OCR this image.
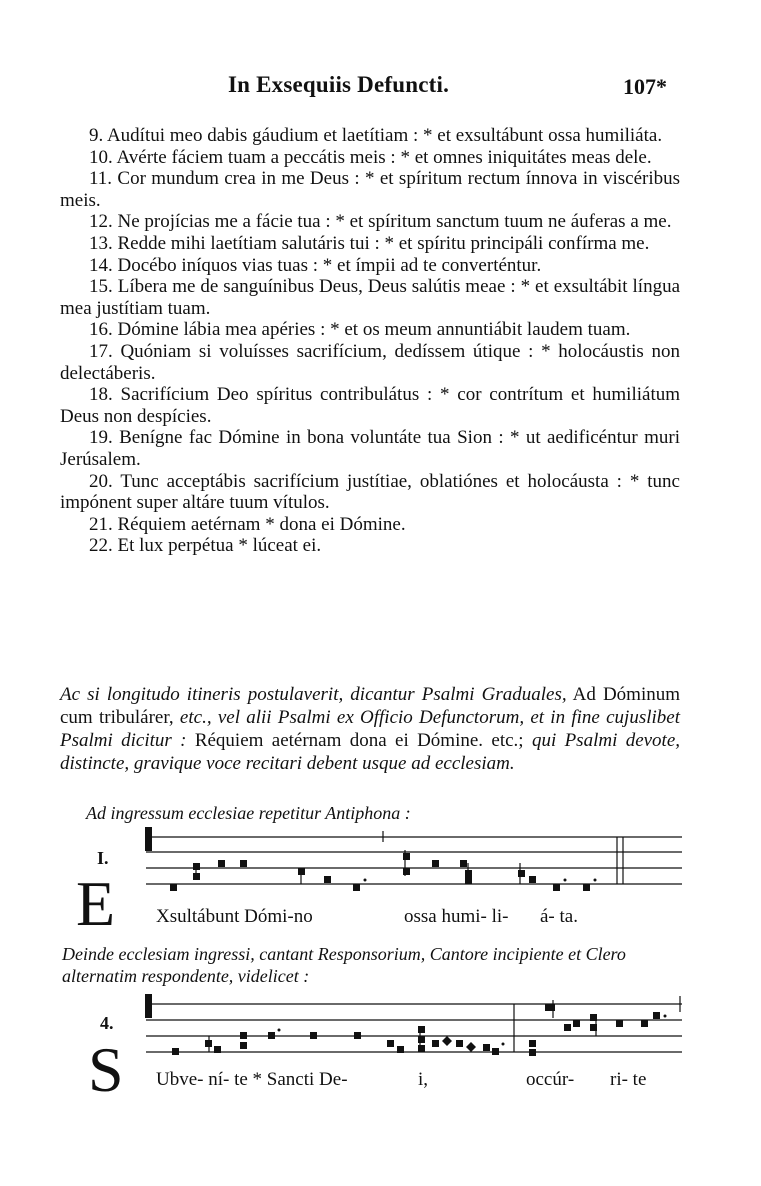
In Exsequiis Defuncti.	107*

9. Audítui meo dabis gáudium et laetítiam : * et exsultábunt ossa humiliáta.

10. Avérte fáciem tuam a peccátis meis : * et omnes iniquitátes meas dele.

11. Cor mundum crea in me Deus : * et spíritum rectum ínnova in viscéribus meis.

12. Ne projícias me a fácie tua : * et spíritum sanctum tuum ne áuferas a me.

13. Redde mihi laetítiam salutáris tui : * et spíritu principáli confírma me.

14. Docébo iníquos vias tuas : * et ímpii ad te converténtur.

15. Líbera me de sanguínibus Deus, Deus salútis meae : * et exsultábit língua mea justítiam tuam.

16. Dómine lábia mea apéries : * et os meum annuntiábit laudem tuam.

17. Quóniam si voluísses sacrifícium, dedíssem útique : * holocáustis non delectáberis.

18. Sacrifícium Deo spíritus contribulátus : * cor contrítum et humiliátum Deus non despícies.

19. Benígne fac Dómine in bona voluntáte tua Sion : * ut aedificéntur muri Jerúsalem.

20. Tunc acceptábis sacrifícium justítiae, oblatiónes et holocáusta : * tunc impónent super altáre tuum vítulos.

21. Réquiem aetérnam * dona ei Dómine.

22. Et lux perpétua * lúceat ei.

Ac si longitudo itineris postulaverit, dicantur Psalmi Graduales, Ad Dóminum cum tribulárer, etc., vel alii Psalmi ex Officio Defunctorum, et in fine cujuslibet Psalmi dicitur : Réquiem aetérnam dona ei Dómine. etc.; qui Psalmi devote, distincte, gravique voce recitari debent usque ad ecclesiam.
Ad ingressum ecclesiae repetitur Antiphona :
I.
E Xsultábunt Dómi-no	ossa humi- li- á- ta.
Deinde ecclesiam ingressi, cantant Responsorium, Cantore incipiente et Clero alternatim respondente, videlicet :
4.
S Ubve- ní- te * Sancti De-	i,	occúr- ri- te
